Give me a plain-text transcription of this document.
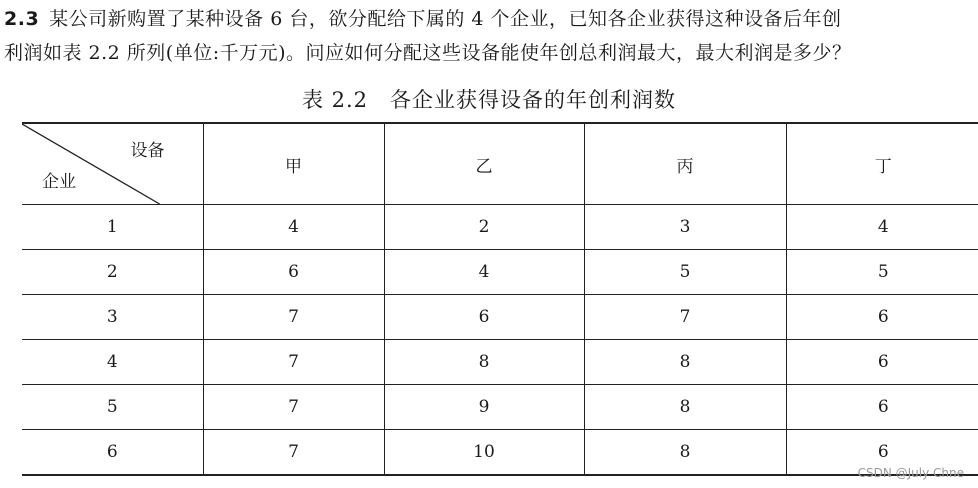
2.3 某公司新购置了某种设备 6 台，欲分配给下属的 4 个企业，已知各企业获得这种设备后年创
利润如表 2.2 所列(单位:千万元)。问应如何分配这些设备能使年创总利润最大，最大利润是多少？
表 2.2 各企业获得设备的年创利润数
设备
企业	甲	乙	丙	丁
1	4	2	3	4
2	6	4	5	5
3	7	6	7	6
4	7	8	8	6
5	7	9	8	6
6	7	10	8	6
CSDN @July Chne
